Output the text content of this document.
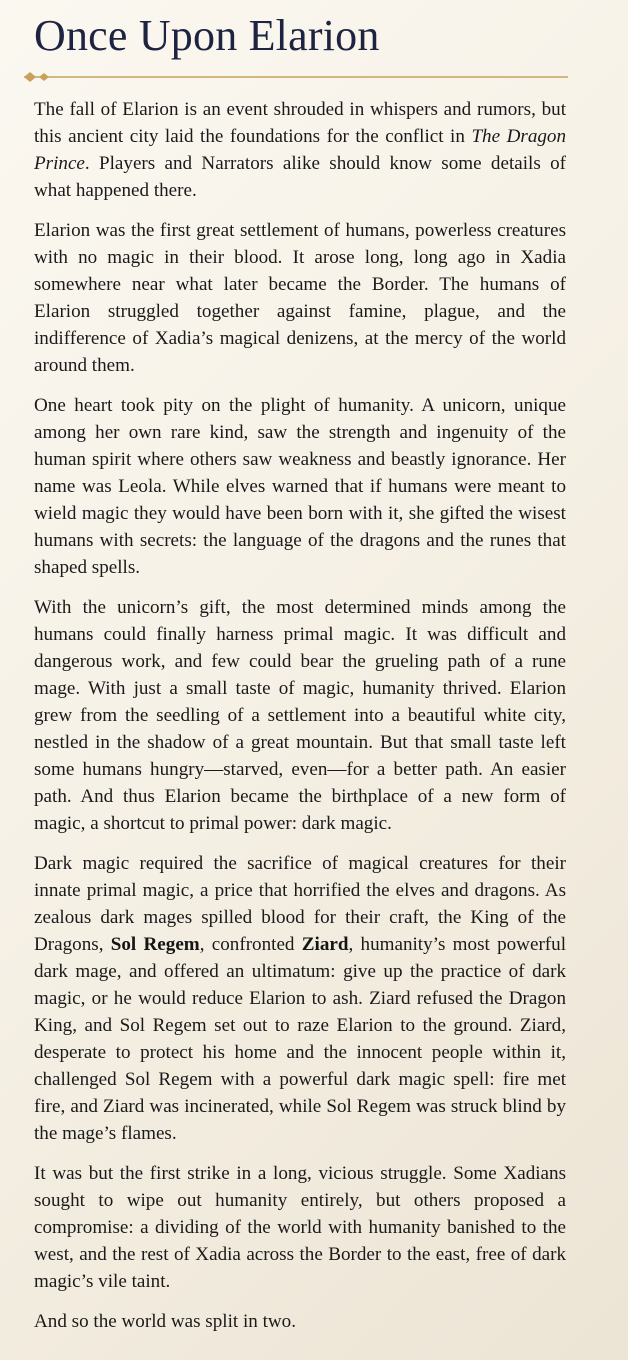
Once Upon Elarion

The fall of Elarion is an event shrouded in whispers and rumors, but this ancient city laid the foundations for the conflict in The Dragon Prince. Players and Narrators alike should know some details of what happened there.

Elarion was the first great settlement of humans, powerless creatures with no magic in their blood. It arose long, long ago in Xadia somewhere near what later became the Border. The humans of Elarion struggled together against famine, plague, and the indifference of Xadia’s magical denizens, at the mercy of the world around them.

One heart took pity on the plight of humanity. A unicorn, unique among her own rare kind, saw the strength and ingenuity of the human spirit where others saw weakness and beastly ignorance. Her name was Leola. While elves warned that if humans were meant to wield magic they would have been born with it, she gifted the wisest humans with secrets: the language of the dragons and the runes that shaped spells.

With the unicorn’s gift, the most determined minds among the humans could finally harness primal magic. It was difficult and dangerous work, and few could bear the grueling path of a rune mage. With just a small taste of magic, humanity thrived. Elarion grew from the seedling of a settlement into a beautiful white city, nestled in the shadow of a great mountain. But that small taste left some humans hungry—starved, even—for a better path. An easier path. And thus Elarion became the birthplace of a new form of magic, a shortcut to primal power: dark magic.

Dark magic required the sacrifice of magical creatures for their innate primal magic, a price that horrified the elves and dragons. As zealous dark mages spilled blood for their craft, the King of the Dragons, Sol Regem, confronted Ziard, humanity’s most powerful dark mage, and offered an ultimatum: give up the practice of dark magic, or he would reduce Elarion to ash. Ziard refused the Dragon King, and Sol Regem set out to raze Elarion to the ground. Ziard, desperate to protect his home and the innocent people within it, challenged Sol Regem with a powerful dark magic spell: fire met fire, and Ziard was incinerated, while Sol Regem was struck blind by the mage’s flames.

It was but the first strike in a long, vicious struggle. Some Xadians sought to wipe out humanity entirely, but others proposed a compromise: a dividing of the world with humanity banished to the west, and the rest of Xadia across the Border to the east, free of dark magic’s vile taint.

And so the world was split in two.
